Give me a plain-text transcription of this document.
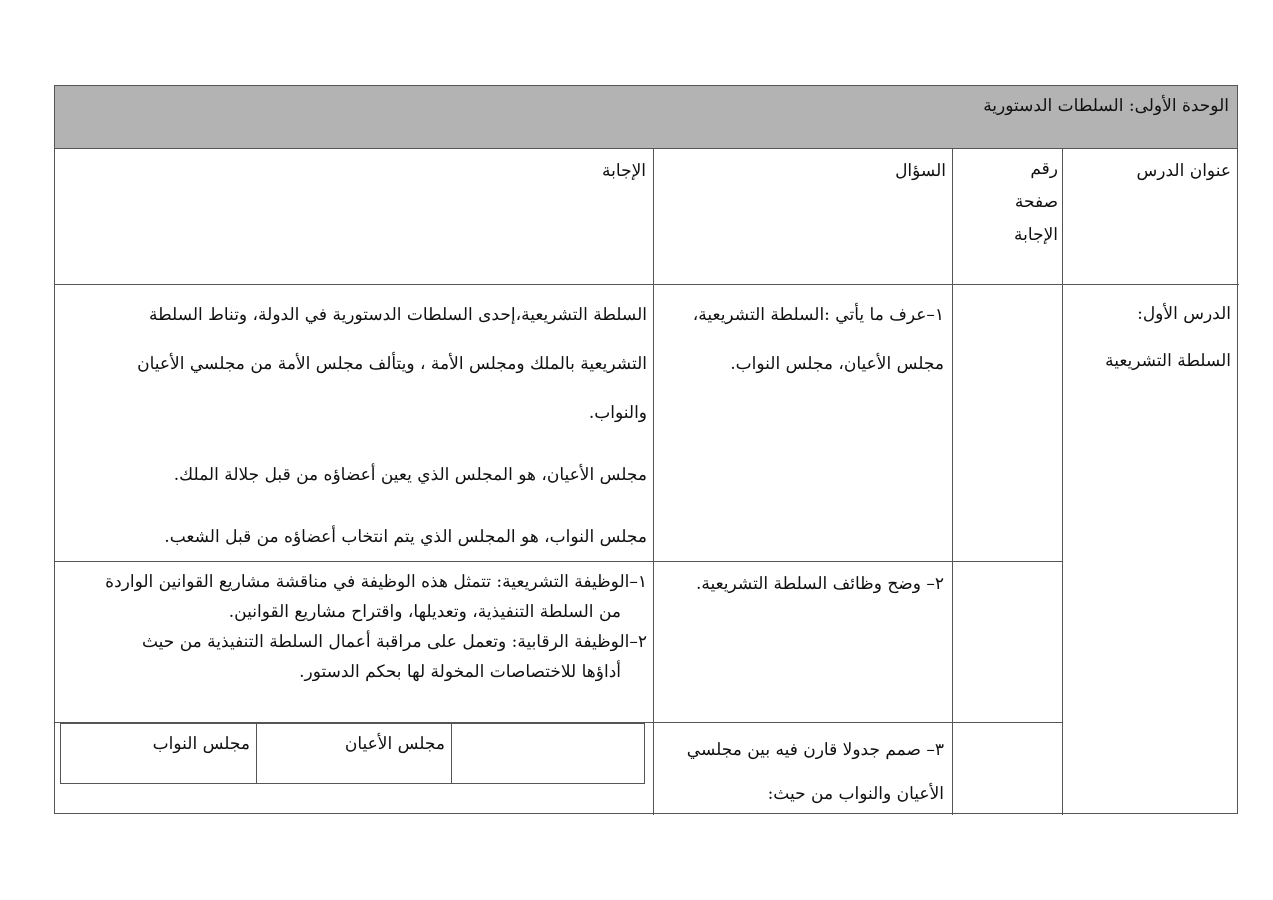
الوحدة الأولى: السلطات الدستورية
عنوان الدرس
رقم
صفحة
الإجابة
السؤال
الإجابة
الدرس الأول:
السلطة التشريعية
١–عرف ما يأتي :السلطة التشريعية،
مجلس الأعيان، مجلس النواب.
السلطة التشريعية،إحدى السلطات الدستورية في الدولة، وتناط السلطة
التشريعية بالملك ومجلس الأمة ، ويتألف مجلس الأمة من مجلسي الأعيان
والنواب.
مجلس الأعيان، هو المجلس الذي يعين أعضاؤه من قبل جلالة الملك.
مجلس النواب، هو المجلس الذي يتم انتخاب أعضاؤه من قبل الشعب.
٢– وضح وظائف السلطة التشريعية.
١–الوظيفة التشريعية: تتمثل هذه الوظيفة في مناقشة مشاريع القوانين الواردة
من السلطة التنفيذية، وتعديلها، واقتراح مشاريع القوانين.
٢–الوظيفة الرقابية: وتعمل على مراقبة أعمال السلطة التنفيذية من حيث
أداؤها للاختصاصات المخولة لها بحكم الدستور.
٣– صمم جدولا قارن فيه بين مجلسي
الأعيان والنواب من حيث:
مجلس الأعيان
مجلس النواب
